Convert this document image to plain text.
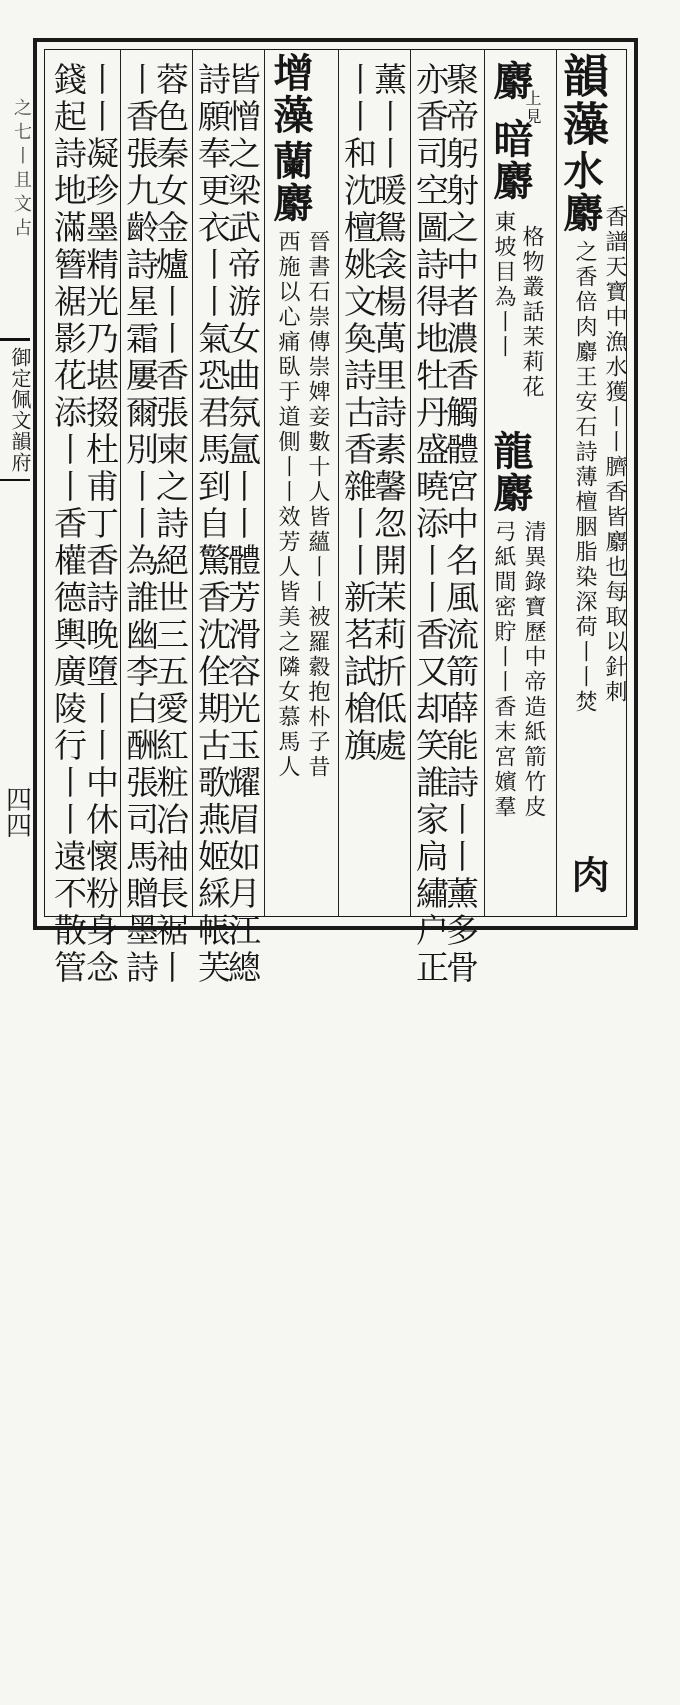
之七丨且文占
御定佩文韻府
四四
韻藻
水麝
香譜天寶中漁水獲丨丨臍香皆麝也每取以針刺
之香倍肉麝王安石詩薄檀胭脂染深荷丨丨焚
肉
麝
上見
格物叢話茉莉花
暗麝
東坡目為丨丨
龍麝
清異錄寶歷中帝造紙箭竹皮
弓紙間密貯丨丨香末宮嬪羣
聚帝躬射之中者濃香觸體宮中名風流箭薛能詩丨丨薰多骨
亦香司空圖詩得地牡丹盛曉添丨丨香又却笑誰家扃繡户正
薰丨丨暖鴛衾楊萬里詩素馨忽開茉莉折低處
丨丨和沈檀姚文奐詩古香雜丨丨新茗試槍旗
增藻
蘭麝
晉書石崇傳崇婢妾數十人皆蘊丨丨被羅縠抱朴子昔
西施以心痛臥于道側丨丨效芳人皆美之隣女慕馬人
皆憎之梁武帝游女曲氛氲丨丨體芳滑容光玉耀眉如月江總
詩願奉更衣丨丨氣恐君馬到自驚香沈佺期古歌燕姬綵帳芙
蓉色秦女金爐丨丨香張柬之詩絕世三五愛紅粧冶袖長裾丨
丨香張九齡詩星霜屢爾別丨丨為誰幽李白酬張司馬贈墨詩
丨丨凝珍墨精光乃堪掇杜甫丁香詩晚墮丨丨中休懷粉身念
錢起詩地滿簪裾影花添丨丨香權德輿廣陵行丨丨遠不散管
